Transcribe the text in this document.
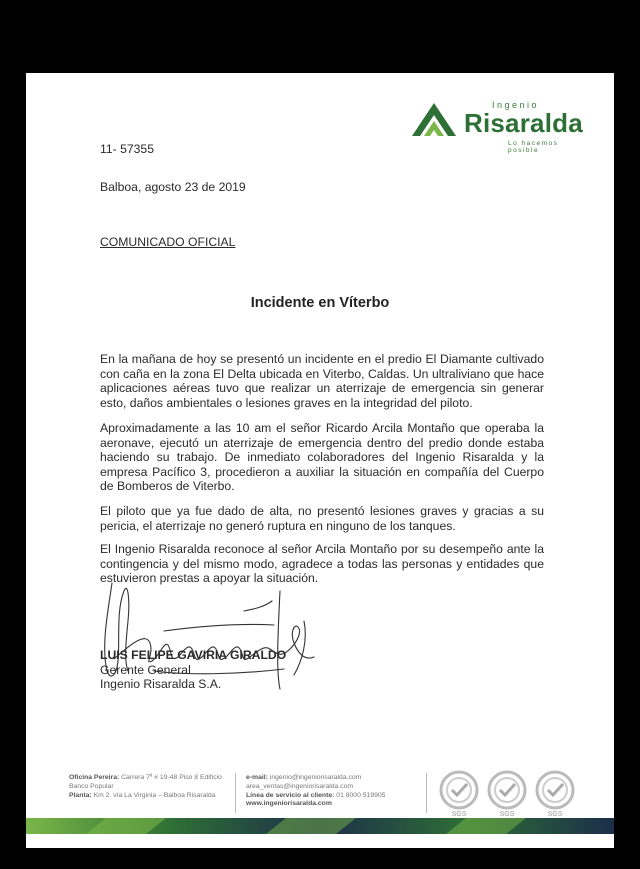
Ingenio
Risaralda
Lo hacemos posible
11- 57355
Balboa, agosto 23 de 2019
COMUNICADO OFICIAL
Incidente en Víterbo
En la mañana de hoy se presentó un incidente en el predio El Diamante cultivado con caña en la zona El Delta ubicada en Viterbo, Caldas. Un ultraliviano que hace aplicaciones aéreas tuvo que realizar un aterrizaje de emergencia sin generar esto, daños ambientales o lesiones graves en la integridad del piloto.
Aproximadamente a las 10 am el señor Ricardo Arcila Montaño que operaba la aeronave, ejecutó un aterrizaje de emergencia dentro del predio donde estaba haciendo su trabajo. De inmediato colaboradores del Ingenio Risaralda y la empresa Pacífico 3, procedieron a auxiliar la situación en compañía del Cuerpo de Bomberos de Viterbo.
El piloto que ya fue dado de alta, no presentó lesiones graves y gracias a su pericia, el aterrizaje no generó ruptura en ninguno de los tanques.
El Ingenio Risaralda reconoce al señor Arcila Montaño por su desempeño ante la contingencia y del mismo modo, agradece a todas las personas y entidades que estuvieron prestas a apoyar la situación.
LUIS FELIPE GAVIRIA GIRALDO
Gerente General
Ingenio Risaralda S.A.
Oficina Pereira: Carrera 7ª # 19-48 Piso 8 Edificio Banco Popular
Planta: Km 2. vía La Virginia – Balboa Risaralda
e-mail: ingenio@ingeniorisaralda.com
area_ventas@ingeniorisaralda.com
Línea de servicio al cliente: 01 8000 519905
www.ingeniorisaralda.com
SGS	SGS	SGS
